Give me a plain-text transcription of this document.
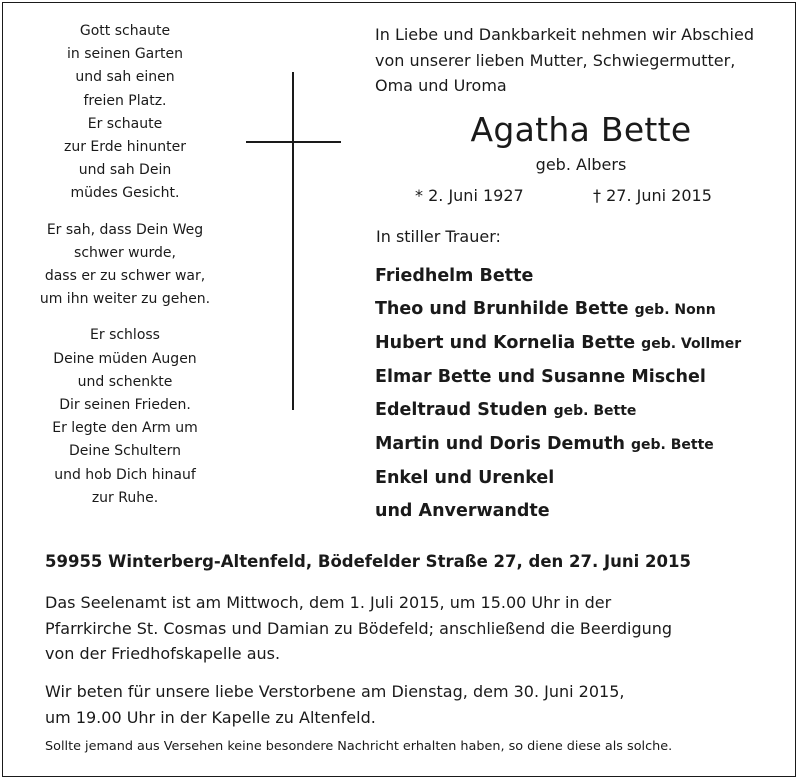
Gott schaute
in seinen Garten
und sah einen
freien Platz.
Er schaute
zur Erde hinunter
und sah Dein
müdes Gesicht.
Er sah, dass Dein Weg
schwer wurde,
dass er zu schwer war,
um ihn weiter zu gehen.
Er schloss
Deine müden Augen
und schenkte
Dir seinen Frieden.
Er legte den Arm um
Deine Schultern
und hob Dich hinauf
zur Ruhe.
In Liebe und Dankbarkeit nehmen wir Abschied
von unserer lieben Mutter, Schwiegermutter,
Oma und Uroma
Agatha Bette
geb. Albers
* 2. Juni 1927	† 27. Juni 2015
In stiller Trauer:
Friedhelm Bette
Theo und Brunhilde Bette geb. Nonn
Hubert und Kornelia Bette geb. Vollmer
Elmar Bette und Susanne Mischel
Edeltraud Studen geb. Bette
Martin und Doris Demuth geb. Bette
Enkel und Urenkel
und Anverwandte
59955 Winterberg-Altenfeld, Bödefelder Straße 27, den 27. Juni 2015
Das Seelenamt ist am Mittwoch, dem 1. Juli 2015, um 15.00 Uhr in der
Pfarrkirche St. Cosmas und Damian zu Bödefeld; anschließend die Beerdigung
von der Friedhofskapelle aus.
Wir beten für unsere liebe Verstorbene am Dienstag, dem 30. Juni 2015,
um 19.00 Uhr in der Kapelle zu Altenfeld.
Sollte jemand aus Versehen keine besondere Nachricht erhalten haben, so diene diese als solche.
